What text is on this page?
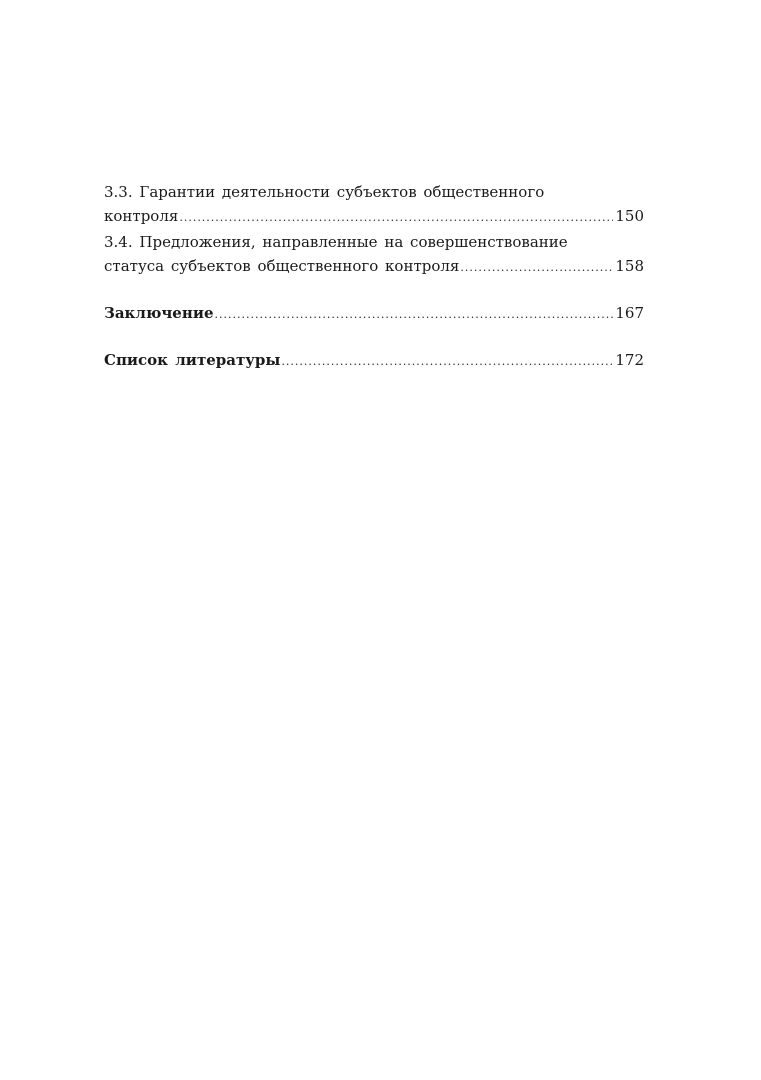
3.3. Гарантии деятельности субъектов общественного
контроля .....	150
3.4. Предложения, направленные на совершенствование
статуса субъектов общественного контроля .....	158
Заключение .....	167
Список литературы .....	172
